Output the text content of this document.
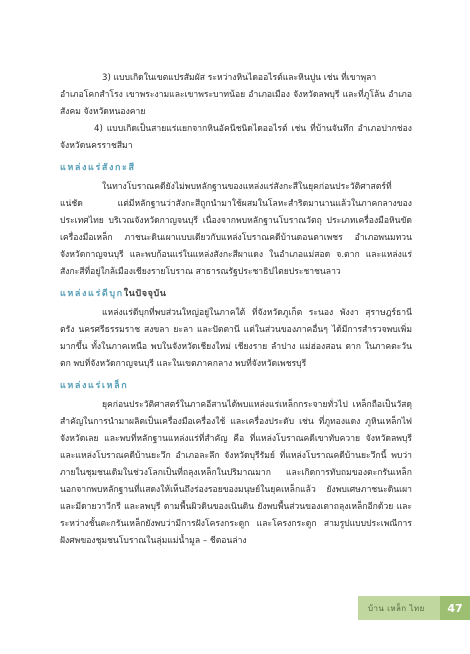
3) แบบเกิดในเขตแปรสัมผัส ระหว่างหินไดออไรต์และหินปูน เช่น ที่เขาพุลา

อำเภอโคกสำโรง เขาพระงามและเขาพระบาทน้อย อำเภอเมือง จังหวัดลพบุรี และที่ภูโล้น อำเภอสังคม จังหวัดหนองคาย

4) แบบเกิดเป็นสายแร่แยกจากหินอัคนีชนิดไดออไรต์ เช่น ที่บ้านจันทึก อำเภอปากช่อง จังหวัดนครราชสีมา

แหล่งแร่สังกะสี

ในทางโบราณคดียังไม่พบหลักฐานของแหล่งแร่สังกะสีในยุคก่อนประวัติศาสตร์ที่แน่ชัด แต่มีหลักฐานว่าสังกะสีถูกนำมาใช้ผสมในโลหะสำริดมานานแล้วในภาคกลางของประเทศไทย บริเวณจังหวัดกาญจนบุรี เนื่องจากพบหลักฐานโบราณวัตถุ ประเภทเครื่องมือหินขัด เครื่องมือเหล็ก ภาชนะดินเผาแบบเดียวกับแหล่งโบราณคดีบ้านดอนตาเพชร อำเภอพนมทวน จังหวัดกาญจนบุรี และพบก้อนแร่ในแหล่งสังกะสีผาแดง ในอำเภอแม่สอด จ.ตาก และแหล่งแร่สังกะสีที่อยู่ใกล้เมืองเชียงรายโบราณ สาธารณรัฐประชาธิปไตยประชาชนลาว

แหล่งแร่ดีบุกในปัจจุบัน

แหล่งแร่ดีบุกที่พบส่วนใหญ่อยู่ในภาคใต้ ที่จังหวัดภูเก็ต ระนอง พังงา สุราษฎร์ธานี ตรัง นครศรีธรรมราช สงขลา ยะลา และปัตตานี แต่ในส่วนของภาคอื่นๆ ได้มีการสำรวจพบเพิ่มมากขึ้น ทั้งในภาคเหนือ พบในจังหวัดเชียงใหม่ เชียงราย ลำปาง แม่ฮ่องสอน ตาก ในภาคตะวันตก พบที่จังหวัดกาญจนบุรี และในเขตภาคกลาง พบที่จังหวัดเพชรบุรี

แหล่งแร่เหล็ก

ยุคก่อนประวัติศาสตร์ในภาคอีสานได้พบแหล่งแร่เหล็กกระจายทั่วไป เหล็กถือเป็นวัสดุสำคัญในการนำมาผลิตเป็นเครื่องมือเครื่องใช้ และเครื่องประดับ เช่น ที่ภูทองแดง ภูหินเหล็กไฟ จังหวัดเลย และพบที่หลักฐานแหล่งแร่ที่สำคัญ คือ ที่แหล่งโบราณคดีเขาทับควาย จังหวัดลพบุรี และแหล่งโบราณคดีบ้านยะวึก อำเภอละลึก จังหวัดบุรีรัมย์ ที่แหล่งโบราณคดีบ้านยะวึกนี้ พบว่า ภายในชุมชนเดิมในช่วงโลกเป็นที่ถลุงเหล็กในปริมาณมาก และเกิดการทับถมของตะกรันเหล็ก นอกจากพบหลักฐานที่แสดงให้เห็นถึงร่องรอยของมนุษย์ในยุคเหล็กแล้ว ยังพบเศษภาชนะดินเผาและมีดายวาวีกรี และลพบุรี ตามพื้นผิวดินของเนินดิน ยังพบพื้นส่วนของเตาถลุงเหล็กอีกด้วย และระหว่างชั้นตะกรันเหล็กยังพบว่ามีการฝังโครงกระดูก และโครงกระดูก สามรูปแบบประเพณีการฝังศพของชุมชนโบราณในลุ่มแม่น้ำมูล – ชีตอนล่าง

บ้าน เหล็ก ไทย	47
